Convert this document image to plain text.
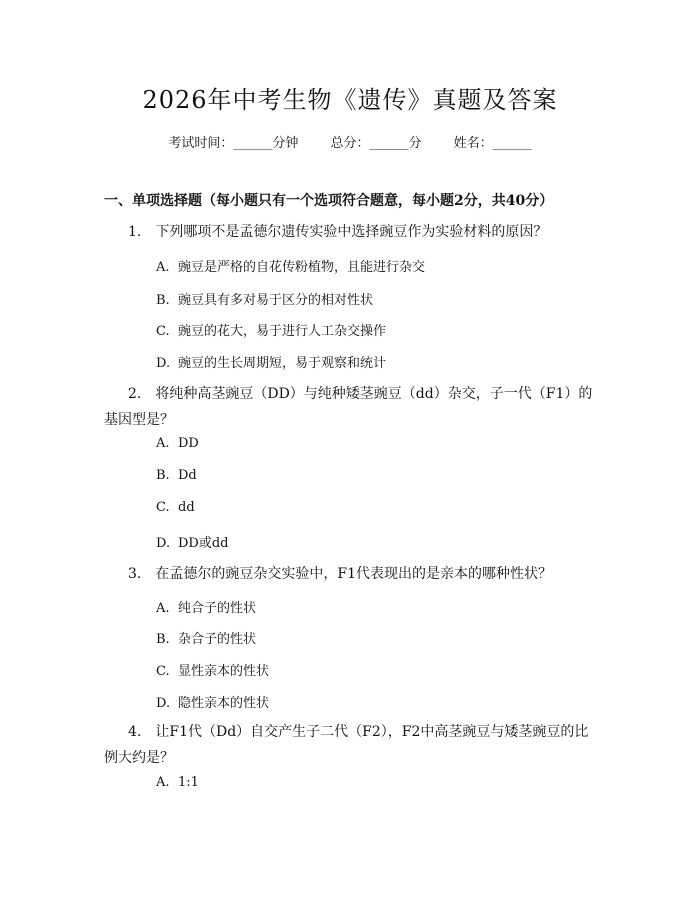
2026年中考生物《遗传》真题及答案
考试时间：______分钟 总分：______分 姓名：______
一、单项选择题（每小题只有一个选项符合题意，每小题2分，共40分）
1.　下列哪项不是孟德尔遗传实验中选择豌豆作为实验材料的原因？
A. 豌豆是严格的自花传粉植物，且能进行杂交
B. 豌豆具有多对易于区分的相对性状
C. 豌豆的花大，易于进行人工杂交操作
D. 豌豆的生长周期短，易于观察和统计
2.　将纯种高茎豌豆（DD）与纯种矮茎豌豆（dd）杂交，子一代（F1）的基因型是？
A. DD
B. Dd
C. dd
D. DD或dd
3.　在孟德尔的豌豆杂交实验中，F1代表现出的是亲本的哪种性状？
A. 纯合子的性状
B. 杂合子的性状
C. 显性亲本的性状
D. 隐性亲本的性状
4.　让F1代（Dd）自交产生子二代（F2），F2中高茎豌豆与矮茎豌豆的比例大约是？
A. 1:1
